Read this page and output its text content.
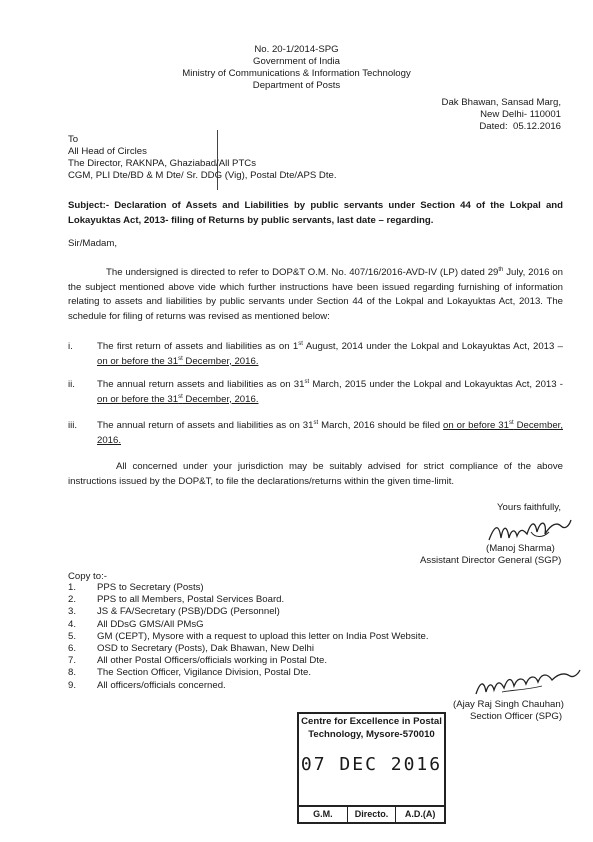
No. 20-1/2014-SPG
Government of India
Ministry of Communications & Information Technology
Department of Posts
Dak Bhawan, Sansad Marg,
New Delhi- 110001
Dated: 05.12.2016
To
All Head of Circles
The Director, RAKNPA, Ghaziabad/All PTCs
CGM, PLI Dte/BD & M Dte/ Sr. DDG (Vig), Postal Dte/APS Dte.
Subject:- Declaration of Assets and Liabilities by public servants under Section 44 of the Lokpal and Lokayuktas Act, 2013- filing of Returns by public servants, last date – regarding.
Sir/Madam,
The undersigned is directed to refer to DOP&T O.M. No. 407/16/2016-AVD-IV (LP) dated 29th July, 2016 on the subject mentioned above vide which further instructions have been issued regarding furnishing of information relating to assets and liabilities by public servants under Section 44 of the Lokpal and Lokayuktas Act, 2013. The schedule for filing of returns was revised as mentioned below:
i.	The first return of assets and liabilities as on 1st August, 2014 under the Lokpal and Lokayuktas Act, 2013 – on or before the 31st December, 2016.
ii. The annual return assets and liabilities as on 31st March, 2015 under the Lokpal and Lokayuktas Act, 2013 - on or before the 31st December, 2016.
iii. The annual return of assets and liabilities as on 31st March, 2016 should be filed on or before 31st December, 2016.
All concerned under your jurisdiction may be suitably advised for strict compliance of the above instructions issued by the DOP&T, to file the declarations/returns within the given time-limit.
Yours faithfully,
(Manoj Sharma)
Assistant Director General (SGP)
Copy to:-
1. PPS to Secretary (Posts)
2. PPS to all Members, Postal Services Board.
3. JS & FA/Secretary (PSB)/DDG (Personnel)
4. All DDsG GMS/All PMsG
5. GM (CEPT), Mysore with a request to upload this letter on India Post Website.
6. OSD to Secretary (Posts), Dak Bhawan, New Delhi
7. All other Postal Officers/officials working in Postal Dte.
8. The Section Officer, Vigilance Division, Postal Dte.
9. All officers/officials concerned.
(Ajay Raj Singh Chauhan)
Section Officer (SPG)
Centre for Excellence in Postal
Technology, Mysore-570010
07 DEC 2016
G.M.	Directo.	A.D.(A)
